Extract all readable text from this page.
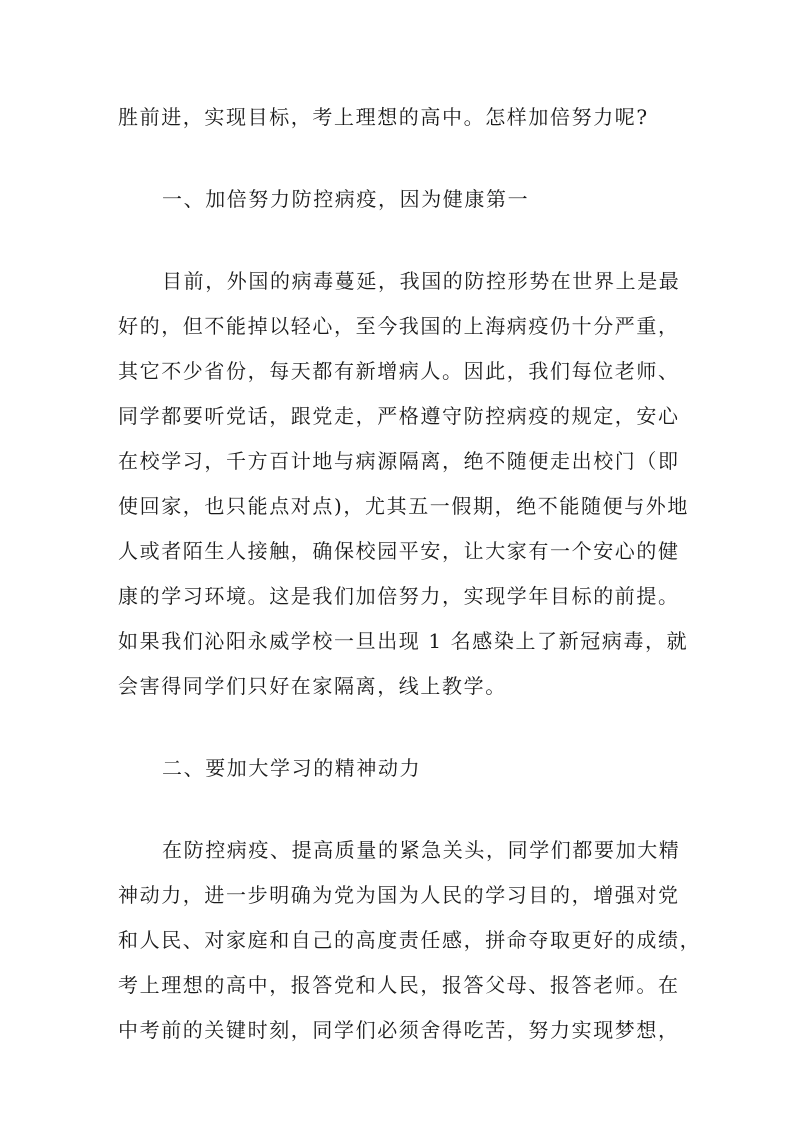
胜前进，实现目标，考上理想的高中。怎样加倍努力呢?
一、加倍努力防控病疫，因为健康第一
目前，外国的病毒蔓延，我国的防控形势在世界上是最
好的，但不能掉以轻心，至今我国的上海病疫仍十分严重，
其它不少省份，每天都有新增病人。因此，我们每位老师、
同学都要听党话，跟党走，严格遵守防控病疫的规定，安心
在校学习，千方百计地与病源隔离，绝不随便走出校门（即
使回家，也只能点对点)，尤其五一假期，绝不能随便与外地
人或者陌生人接触，确保校园平安，让大家有一个安心的健
康的学习环境。这是我们加倍努力，实现学年目标的前提。
如果我们沁阳永威学校一旦出现 1 名感染上了新冠病毒，就
会害得同学们只好在家隔离，线上教学。
二、要加大学习的精神动力
在防控病疫、提高质量的紧急关头，同学们都要加大精
神动力，进一步明确为党为国为人民的学习目的，增强对党
和人民、对家庭和自己的高度责任感，拼命夺取更好的成绩，
考上理想的高中，报答党和人民，报答父母、报答老师。在
中考前的关键时刻，同学们必须舍得吃苦，努力实现梦想，
